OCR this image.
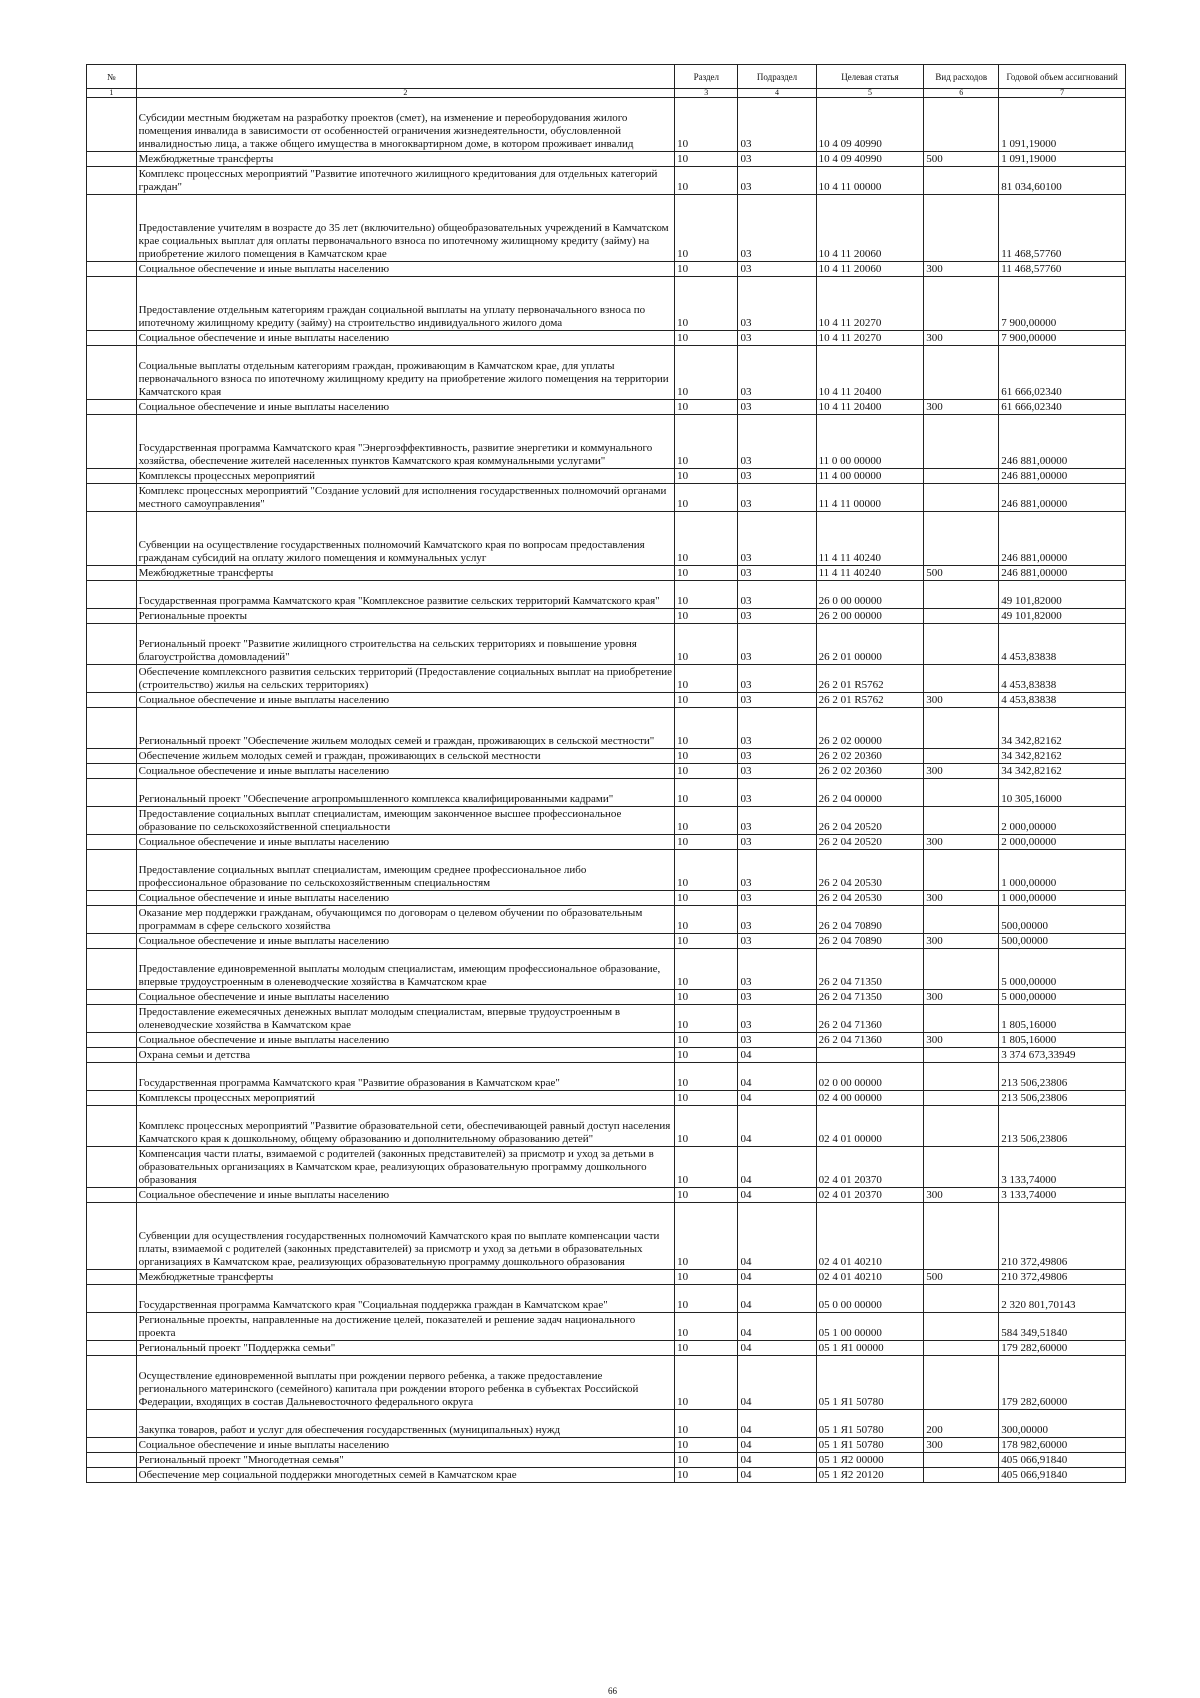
№		Раздел	Подраздел	Целевая статья	Вид расходов	Годовой объем ассигнований
1	2	3	4	5	6	7
	Субсидии местным бюджетам на разработку проектов (смет), на изменение и переоборудования жилого помещения инвалида в зависимости от особенностей ограничения жизнедеятельности, обусловленной инвалидностью лица, а также общего имущества в многоквартирном доме, в котором проживает инвалид	10	03	10 4 09 40990		1 091,19000
	Межбюджетные трансферты	10	03	10 4 09 40990	500	1 091,19000
	Комплекс процессных мероприятий "Развитие ипотечного жилищного кредитования для отдельных категорий граждан"	10	03	10 4 11 00000		81 034,60100
	Предоставление учителям в возрасте до 35 лет (включительно) общеобразовательных учреждений в Камчатском крае социальных выплат для оплаты первоначального взноса по ипотечному жилищному кредиту (займу) на приобретение жилого помещения в Камчатском крае	10	03	10 4 11 20060		11 468,57760
	Социальное обеспечение и иные выплаты населению	10	03	10 4 11 20060	300	11 468,57760
	Предоставление отдельным категориям граждан социальной выплаты на уплату первоначального взноса по ипотечному жилищному кредиту (займу) на строительство индивидуального жилого дома	10	03	10 4 11 20270		7 900,00000
	Социальное обеспечение и иные выплаты населению	10	03	10 4 11 20270	300	7 900,00000
	Социальные выплаты отдельным категориям граждан, проживающим в Камчатском крае, для уплаты первоначального взноса по ипотечному жилищному кредиту на приобретение жилого помещения на территории Камчатского края	10	03	10 4 11 20400		61 666,02340
	Социальное обеспечение и иные выплаты населению	10	03	10 4 11 20400	300	61 666,02340
	Государственная программа Камчатского края "Энергоэффективность, развитие энергетики и коммунального хозяйства, обеспечение жителей населенных пунктов Камчатского края коммунальными услугами"	10	03	11 0 00 00000		246 881,00000
	Комплексы процессных мероприятий	10	03	11 4 00 00000		246 881,00000
	Комплекс процессных мероприятий "Создание условий для исполнения государственных полномочий органами местного самоуправления"	10	03	11 4 11 00000		246 881,00000
	Субвенции на осуществление государственных полномочий Камчатского края по вопросам предоставления гражданам субсидий на оплату жилого помещения и коммунальных услуг	10	03	11 4 11 40240		246 881,00000
	Межбюджетные трансферты	10	03	11 4 11 40240	500	246 881,00000
	Государственная программа Камчатского края "Комплексное развитие сельских территорий Камчатского края"	10	03	26 0 00 00000		49 101,82000
	Региональные проекты	10	03	26 2 00 00000		49 101,82000
	Региональный проект "Развитие жилищного строительства на сельских территориях и повышение уровня благоустройства домовладений"	10	03	26 2 01 00000		4 453,83838
	Обеспечение комплексного развития сельских территорий (Предоставление социальных выплат на приобретение (строительство) жилья на сельских территориях)	10	03	26 2 01 R5762		4 453,83838
	Социальное обеспечение и иные выплаты населению	10	03	26 2 01 R5762	300	4 453,83838
	Региональный проект "Обеспечение жильем молодых семей и граждан, проживающих в сельской местности"	10	03	26 2 02 00000		34 342,82162
	Обеспечение жильем молодых семей и граждан, проживающих в сельской местности	10	03	26 2 02 20360		34 342,82162
	Социальное обеспечение и иные выплаты населению	10	03	26 2 02 20360	300	34 342,82162
	Региональный проект "Обеспечение агропромышленного комплекса квалифицированными кадрами"	10	03	26 2 04 00000		10 305,16000
	Предоставление социальных выплат специалистам, имеющим законченное высшее профессиональное образование по сельскохозяйственной специальности	10	03	26 2 04 20520		2 000,00000
	Социальное обеспечение и иные выплаты населению	10	03	26 2 04 20520	300	2 000,00000
	Предоставление социальных выплат специалистам, имеющим среднее профессиональное либо профессиональное образование по сельскохозяйственным специальностям	10	03	26 2 04 20530		1 000,00000
	Социальное обеспечение и иные выплаты населению	10	03	26 2 04 20530	300	1 000,00000
	Оказание мер поддержки гражданам, обучающимся по договорам о целевом обучении по образовательным программам в сфере сельского хозяйства	10	03	26 2 04 70890		500,00000
	Социальное обеспечение и иные выплаты населению	10	03	26 2 04 70890	300	500,00000
	Предоставление единовременной выплаты молодым специалистам, имеющим профессиональное образование, впервые трудоустроенным в оленеводческие хозяйства в Камчатском крае	10	03	26 2 04 71350		5 000,00000
	Социальное обеспечение и иные выплаты населению	10	03	26 2 04 71350	300	5 000,00000
	Предоставление ежемесячных денежных выплат молодым специалистам, впервые трудоустроенным в оленеводческие хозяйства в Камчатском крае	10	03	26 2 04 71360		1 805,16000
	Социальное обеспечение и иные выплаты населению	10	03	26 2 04 71360	300	1 805,16000
	Охрана семьи и детства	10	04			3 374 673,33949
	Государственная программа Камчатского края "Развитие образования в Камчатском крае"	10	04	02 0 00 00000		213 506,23806
	Комплексы процессных мероприятий	10	04	02 4 00 00000		213 506,23806
	Комплекс процессных мероприятий "Развитие образовательной сети, обеспечивающей равный доступ населения Камчатского края к дошкольному, общему образованию и дополнительному образованию детей"	10	04	02 4 01 00000		213 506,23806
	Компенсация части платы, взимаемой с родителей (законных представителей) за присмотр и уход за детьми в образовательных организациях в Камчатском крае, реализующих образовательную программу дошкольного образования	10	04	02 4 01 20370		3 133,74000
	Социальное обеспечение и иные выплаты населению	10	04	02 4 01 20370	300	3 133,74000
	Субвенции для осуществления государственных полномочий Камчатского края по выплате компенсации части платы, взимаемой с родителей (законных представителей) за присмотр и уход за детьми в образовательных организациях в Камчатском крае, реализующих образовательную программу дошкольного образования	10	04	02 4 01 40210		210 372,49806
	Межбюджетные трансферты	10	04	02 4 01 40210	500	210 372,49806
	Государственная программа Камчатского края "Социальная поддержка граждан в Камчатском крае"	10	04	05 0 00 00000		2 320 801,70143
	Региональные проекты, направленные на достижение целей, показателей и решение задач национального проекта	10	04	05 1 00 00000		584 349,51840
	Региональный проект "Поддержка семьи"	10	04	05 1 Я1 00000		179 282,60000
	Осуществление единовременной выплаты при рождении первого ребенка, а также предоставление регионального материнского (семейного) капитала при рождении второго ребенка в субъектах Российской Федерации, входящих в состав Дальневосточного федерального округа	10	04	05 1 Я1 50780		179 282,60000
	Закупка товаров, работ и услуг для обеспечения государственных (муниципальных) нужд	10	04	05 1 Я1 50780	200	300,00000
	Социальное обеспечение и иные выплаты населению	10	04	05 1 Я1 50780	300	178 982,60000
	Региональный проект "Многодетная семья"	10	04	05 1 Я2 00000		405 066,91840
	Обеспечение мер социальной поддержки многодетных семей в Камчатском крае	10	04	05 1 Я2 20120		405 066,91840
66
